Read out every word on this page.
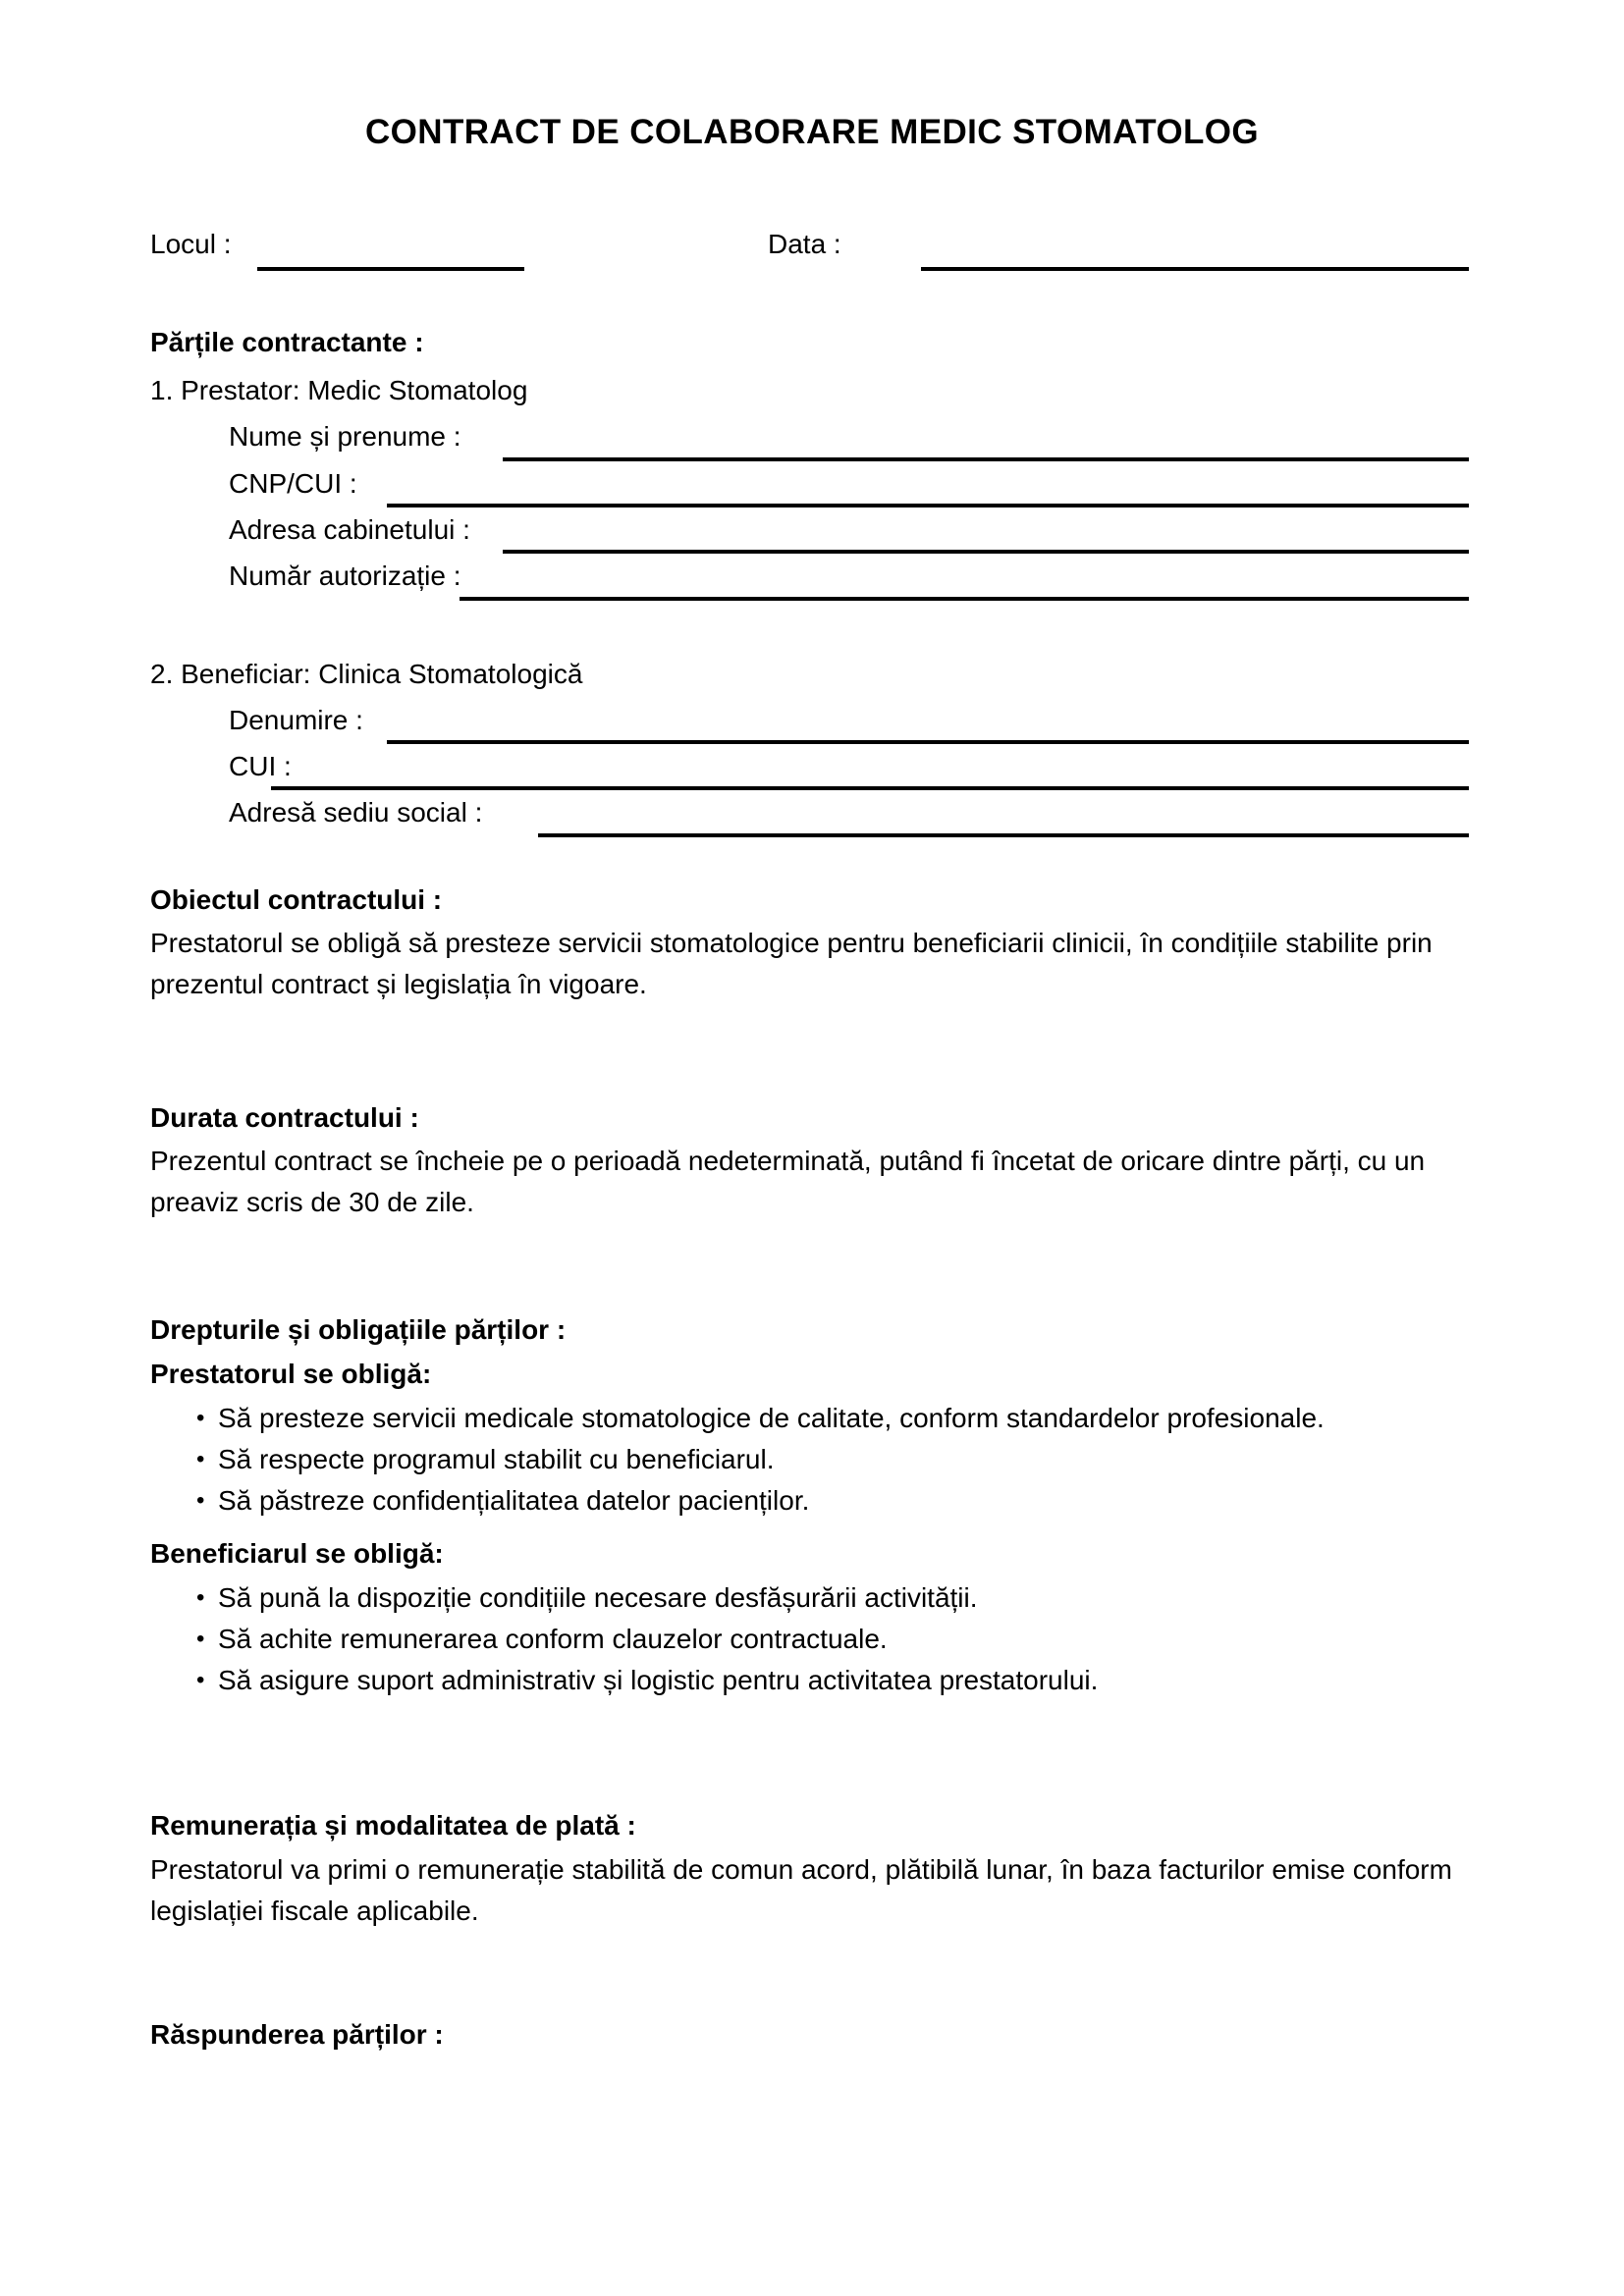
CONTRACT DE COLABORARE MEDIC STOMATOLOG
Locul :	Data :
Părțile contractante :
1. Prestator: Medic Stomatolog
Nume și prenume :
CNP/CUI :
Adresa cabinetului :
Număr autorizație :
2. Beneficiar: Clinica Stomatologică
Denumire :
CUI :
Adresă sediu social :
Obiectul contractului :
Prestatorul se obligă să presteze servicii stomatologice pentru beneficiarii clinicii, în condițiile stabilite prin prezentul contract și legislația în vigoare.
Durata contractului :
Prezentul contract se încheie pe o perioadă nedeterminată, putând fi încetat de oricare dintre părți, cu un preaviz scris de 30 de zile.
Drepturile și obligațiile părților :
Prestatorul se obligă:
• Să presteze servicii medicale stomatologice de calitate, conform standardelor profesionale.
• Să respecte programul stabilit cu beneficiarul.
• Să păstreze confidențialitatea datelor pacienților.
Beneficiarul se obligă:
• Să pună la dispoziție condițiile necesare desfășurării activității.
• Să achite remunerarea conform clauzelor contractuale.
• Să asigure suport administrativ și logistic pentru activitatea prestatorului.
Remunerația și modalitatea de plată :
Prestatorul va primi o remunerație stabilită de comun acord, plătibilă lunar, în baza facturilor emise conform legislației fiscale aplicabile.
Răspunderea părților :
